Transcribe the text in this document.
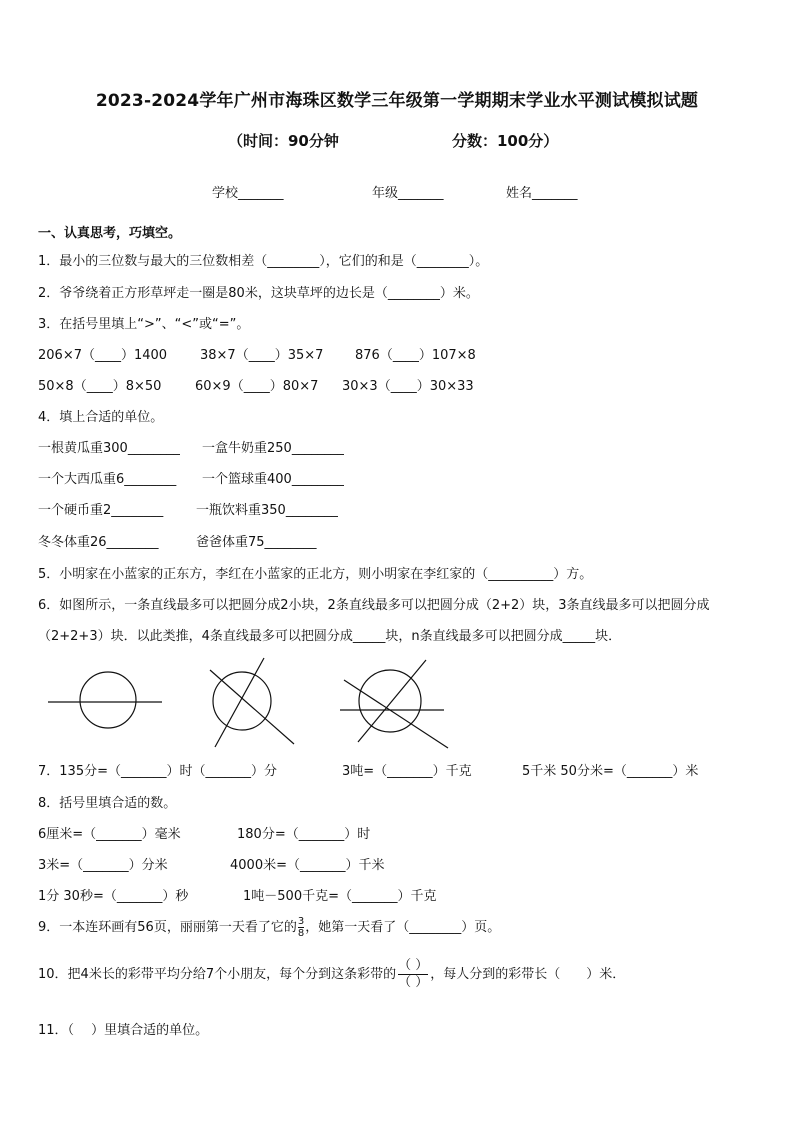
2023-2024学年广州市海珠区数学三年级第一学期期末学业水平测试模拟试题
（时间：90分钟	分数：100分）
学校_______	年级_______	姓名_______
一、认真思考，巧填空。
1．最小的三位数与最大的三位数相差（________），它们的和是（________）。
2．爷爷绕着正方形草坪走一圈是80米，这块草坪的边长是（________）米。
3．在括号里填上“>”、“<”或“=”。
206×7（____）1400	38×7（____）35×7 876（____）107×8
50×8（____）8×50	60×9（____）80×7 30×3（____）30×33
4．填上合适的单位。
一根黄瓜重300________ 一盒牛奶重250________
一个大西瓜重6________ 一个篮球重400________
一个硬币重2________	一瓶饮料重350________
冬冬体重26________	爸爸体重75________
5．小明家在小蓝家的正东方，李红在小蓝家的正北方，则小明家在李红家的（__________）方。
6．如图所示，一条直线最多可以把圆分成2小块，2条直线最多可以把圆分成（2+2）块，3条直线最多可以把圆分成
（2+2+3）块．以此类推，4条直线最多可以把圆分成_____块，n条直线最多可以把圆分成_____块．
7．135分=（_______）时（_______）分	3吨=（_______）千克	5千米 50分米=（_______）米
8．括号里填合适的数。
6厘米=（_______）毫米	180分=（_______）时
3米=（_______）分米	4000米=（_______）千米
1分 30秒=（_______）秒	1吨－500千克=（_______）千克
9．一本连环画有56页，丽丽第一天看了它的 $\frac{3}{8}$ ，她第一天看了（________）页。
10．把4米长的彩带平均分给7个小朋友，每个分到这条彩带的
（ ）
（ ）
，每人分到的彩带长（　　）米．
11．（　 ）里填合适的单位。
